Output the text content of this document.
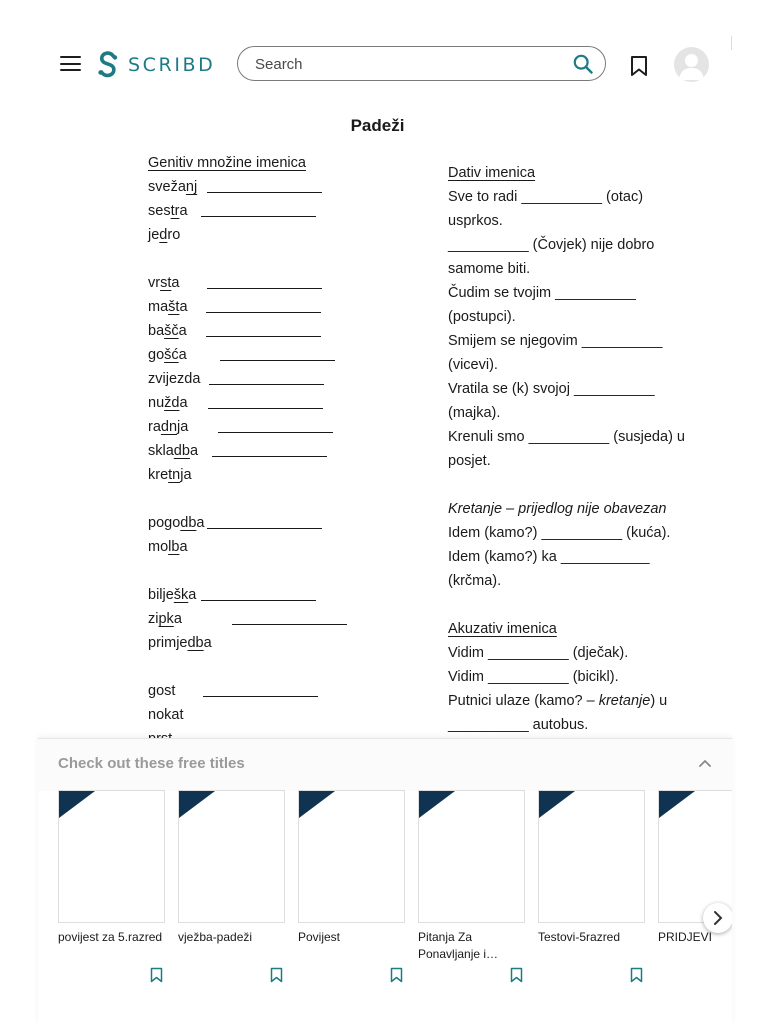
SCRIBD
Search
Padeži
Genitiv množine imenica
svežanj
sestra
jedro
vrsta
mašta
bašča
gošća
zvijezda
nužda
radnja
skladba
kretnja
pogodba
molba
bilješka
zipka
primjedba
gost
nokat
Dativ imenica
Sve to radi __________ (otac)
usprkos.
__________ (Čovjek) nije dobro
samome biti.
Čudim se tvojim __________
(postupci).
Smijem se njegovim __________
(vicevi).
Vratila se (k) svojoj __________
(majka).
Krenuli smo __________ (susjeda) u
posjet.
Kretanje – prijedlog nije obavezan
Idem (kamo?) __________ (kuća).
Idem (kamo?) ka ___________
(krčma).
Akuzativ imenica
Vidim __________ (dječak).
Vidim __________ (bicikl).
Putnici ulaze (kamo? – kretanje) u
__________ autobus.
Check out these free titles
povijest za 5.razred	vježba-padeži	Povijest	Pitanja Za Ponavljanje i…
Testovi-5razred	PRIDJEVI
